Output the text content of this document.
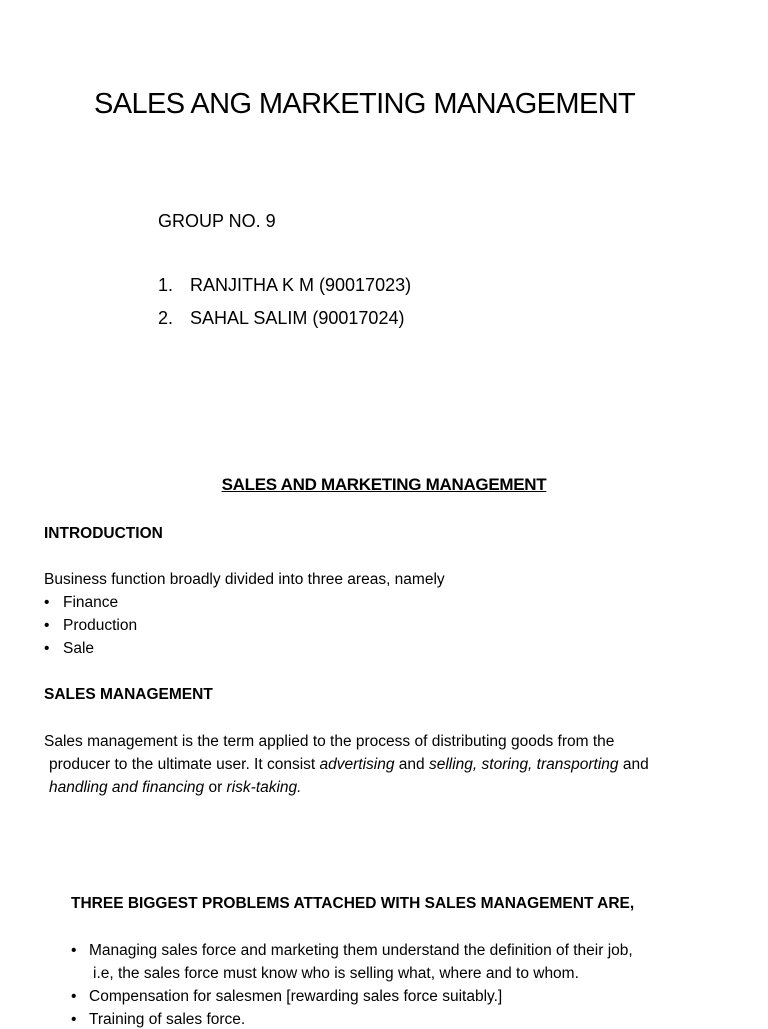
SALES ANG MARKETING MANAGEMENT
GROUP NO. 9
1. RANJITHA K M (90017023)
2. SAHAL SALIM (90017024)
SALES AND MARKETING MANAGEMENT
INTRODUCTION
Business function broadly divided into three areas, namely
• Finance
• Production
• Sale
SALES MANAGEMENT
Sales management is the term applied to the process of distributing goods from the
producer to the ultimate user. It consist advertising and selling, storing, transporting and
handling and financing or risk-taking.
THREE BIGGEST PROBLEMS ATTACHED WITH SALES MANAGEMENT ARE,
• Managing sales force and marketing them understand the definition of their job,
i.e, the sales force must know who is selling what, where and to whom.
• Compensation for salesmen [rewarding sales force suitably.]
• Training of sales force.
